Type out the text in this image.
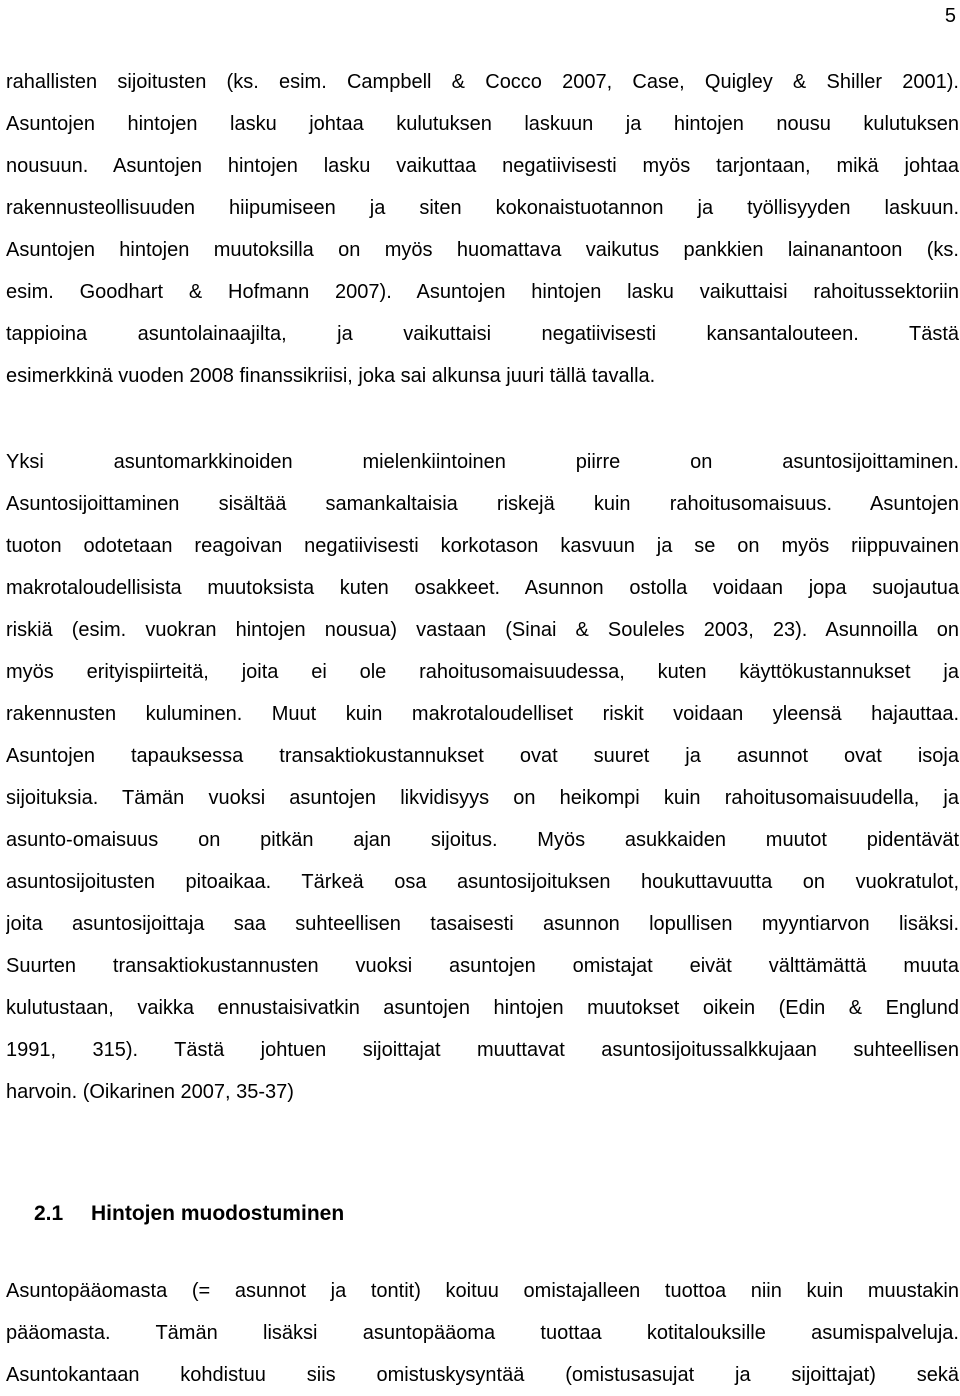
5
rahallisten sijoitusten (ks. esim. Campbell & Cocco 2007, Case, Quigley & Shiller 2001).
Asuntojen hintojen lasku johtaa kulutuksen laskuun ja hintojen nousu kulutuksen
nousuun. Asuntojen hintojen lasku vaikuttaa negatiivisesti myös tarjontaan, mikä johtaa
rakennusteollisuuden hiipumiseen ja siten kokonaistuotannon ja työllisyyden laskuun.
Asuntojen hintojen muutoksilla on myös huomattava vaikutus pankkien lainanantoon (ks.
esim. Goodhart & Hofmann 2007). Asuntojen hintojen lasku vaikuttaisi rahoitussektoriin
tappioina asuntolainaajilta, ja vaikuttaisi negatiivisesti kansantalouteen. Tästä
esimerkkinä vuoden 2008 finanssikriisi, joka sai alkunsa juuri tällä tavalla.
Yksi asuntomarkkinoiden mielenkiintoinen piirre on asuntosijoittaminen.
Asuntosijoittaminen sisältää samankaltaisia riskejä kuin rahoitusomaisuus. Asuntojen
tuoton odotetaan reagoivan negatiivisesti korkotason kasvuun ja se on myös riippuvainen
makrotaloudellisista muutoksista kuten osakkeet. Asunnon ostolla voidaan jopa suojautua
riskiä (esim. vuokran hintojen nousua) vastaan (Sinai & Souleles 2003, 23). Asunnoilla on
myös erityispiirteitä, joita ei ole rahoitusomaisuudessa, kuten käyttökustannukset ja
rakennusten kuluminen. Muut kuin makrotaloudelliset riskit voidaan yleensä hajauttaa.
Asuntojen tapauksessa transaktiokustannukset ovat suuret ja asunnot ovat isoja
sijoituksia. Tämän vuoksi asuntojen likvidisyys on heikompi kuin rahoitusomaisuudella, ja
asunto-omaisuus on pitkän ajan sijoitus. Myös asukkaiden muutot pidentävät
asuntosijoitusten pitoaikaa. Tärkeä osa asuntosijoituksen houkuttavuutta on vuokratulot,
joita asuntosijoittaja saa suhteellisen tasaisesti asunnon lopullisen myyntiarvon lisäksi.
Suurten transaktiokustannusten vuoksi asuntojen omistajat eivät välttämättä muuta
kulutustaan, vaikka ennustaisivatkin asuntojen hintojen muutokset oikein (Edin & Englund
1991, 315). Tästä johtuen sijoittajat muuttavat asuntosijoitussalkkujaan suhteellisen
harvoin. (Oikarinen 2007, 35-37)
2.1 Hintojen muodostuminen
Asuntopääomasta (= asunnot ja tontit) koituu omistajalleen tuottoa niin kuin muustakin
pääomasta. Tämän lisäksi asuntopääoma tuottaa kotitalouksille asumispalveluja.
Asuntokantaan kohdistuu siis omistuskysyntää (omistusasujat ja sijoittajat) sekä
